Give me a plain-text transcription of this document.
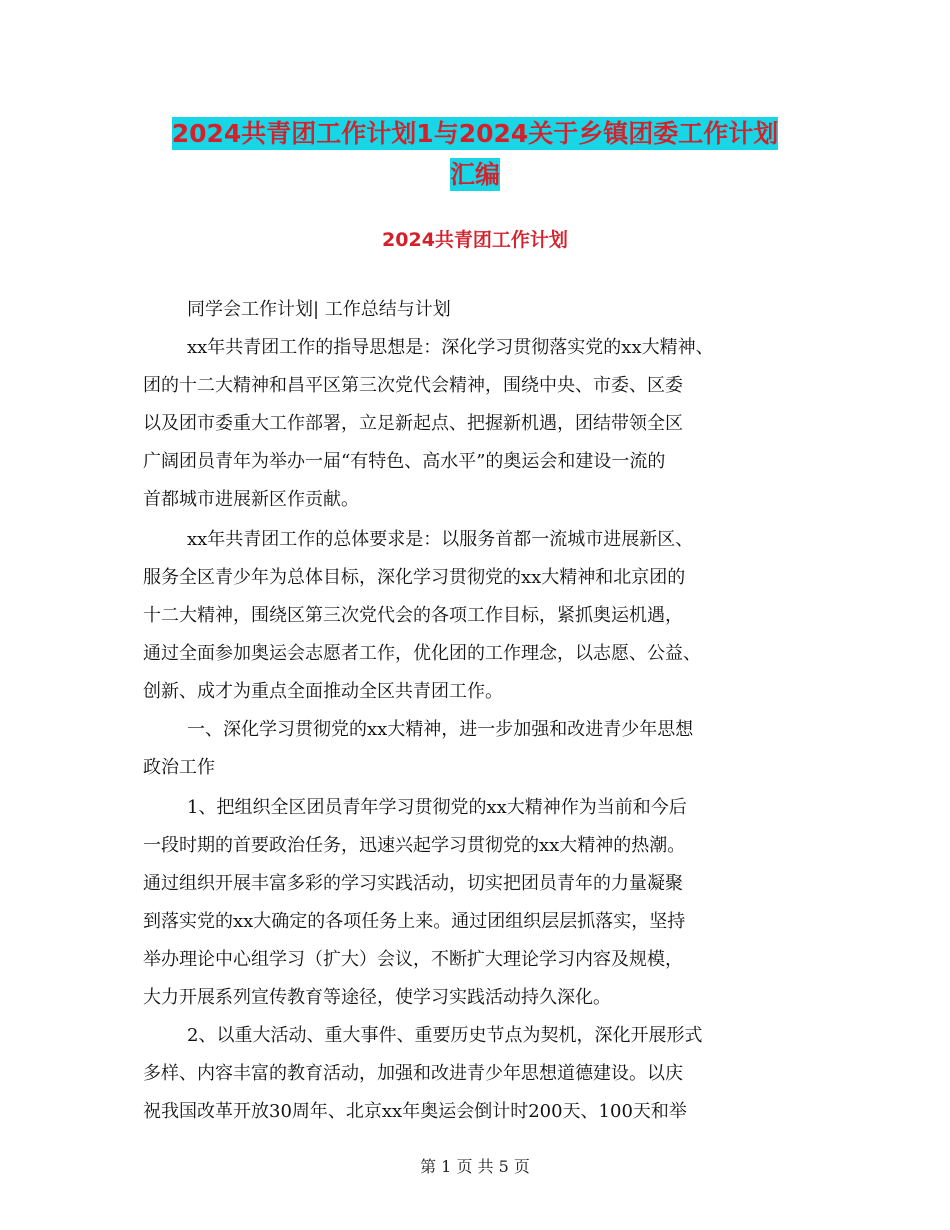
2024共青团工作计划1与2024关于乡镇团委工作计划
汇编
2024共青团工作计划
同学会工作计划| 工作总结与计划
xx年共青团工作的指导思想是：深化学习贯彻落实党的xx大精神、
团的十二大精神和昌平区第三次党代会精神，围绕中央、市委、区委
以及团市委重大工作部署，立足新起点、把握新机遇，团结带领全区
广阔团员青年为举办一届“有特色、高水平”的奥运会和建设一流的
首都城市进展新区作贡献。
xx年共青团工作的总体要求是：以服务首都一流城市进展新区、
服务全区青少年为总体目标，深化学习贯彻党的xx大精神和北京团的
十二大精神，围绕区第三次党代会的各项工作目标，紧抓奥运机遇，
通过全面参加奥运会志愿者工作，优化团的工作理念，以志愿、公益、
创新、成才为重点全面推动全区共青团工作。
一、深化学习贯彻党的xx大精神，进一步加强和改进青少年思想
政治工作
1、把组织全区团员青年学习贯彻党的xx大精神作为当前和今后
一段时期的首要政治任务，迅速兴起学习贯彻党的xx大精神的热潮。
通过组织开展丰富多彩的学习实践活动，切实把团员青年的力量凝聚
到落实党的xx大确定的各项任务上来。通过团组织层层抓落实，坚持
举办理论中心组学习（扩大）会议，不断扩大理论学习内容及规模，
大力开展系列宣传教育等途径，使学习实践活动持久深化。
2、以重大活动、重大事件、重要历史节点为契机，深化开展形式
多样、内容丰富的教育活动，加强和改进青少年思想道德建设。以庆
祝我国改革开放30周年、北京xx年奥运会倒计时200天、100天和举
第 1 页 共 5 页
